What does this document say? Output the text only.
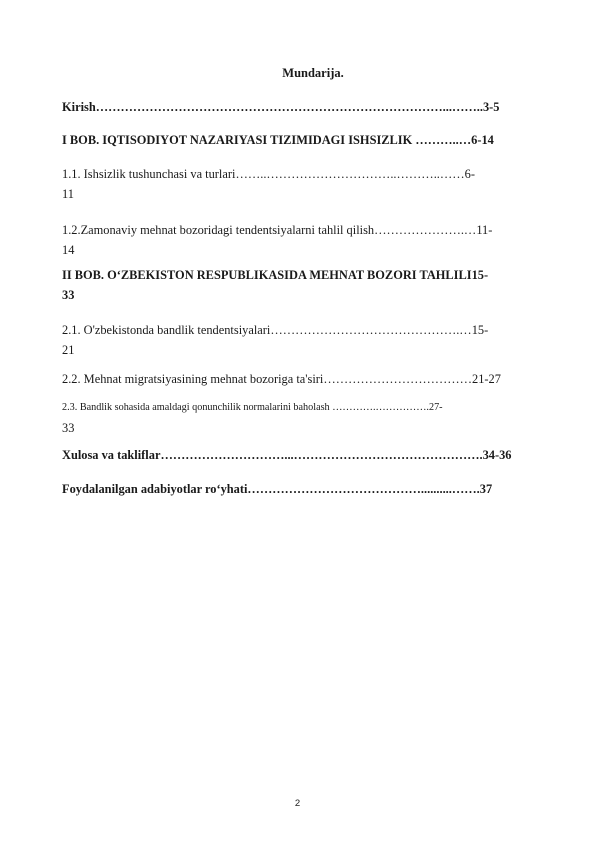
Mundarija.
Kirish…………………………………………………………………………...……..3-5
I BOB. IQTISODIYOT NAZARIYASI TIZIMIDAGI ISHSIZLIK ………..…6-14
1.1. Ishsizlik tushunchasi va turlari……..…………………………..………..……6-
11
1.2.Zamonaviy mehnat bozoridagi tendentsiyalarni tahlil qilish………………….…11-
14
II BOB. O‘ZBEKISTON RESPUBLIKASIDA MEHNAT BOZORI TAHLILI15-
33
2.1. O'zbekistonda bandlik tendentsiyalari……………………………………….…15-
21
2.2. Mehnat migratsiyasining mehnat bozoriga ta'siri………………………………21-27
2.3. Bandlik sohasida amaldagi qonunchilik normalarini baholash ………….…………….27-
33
Xulosa va takliflar…………………………...……………………………………….34-36
Foydalanilgan adabiyotlar ro‘yhati……………………………………..........…….37
2
